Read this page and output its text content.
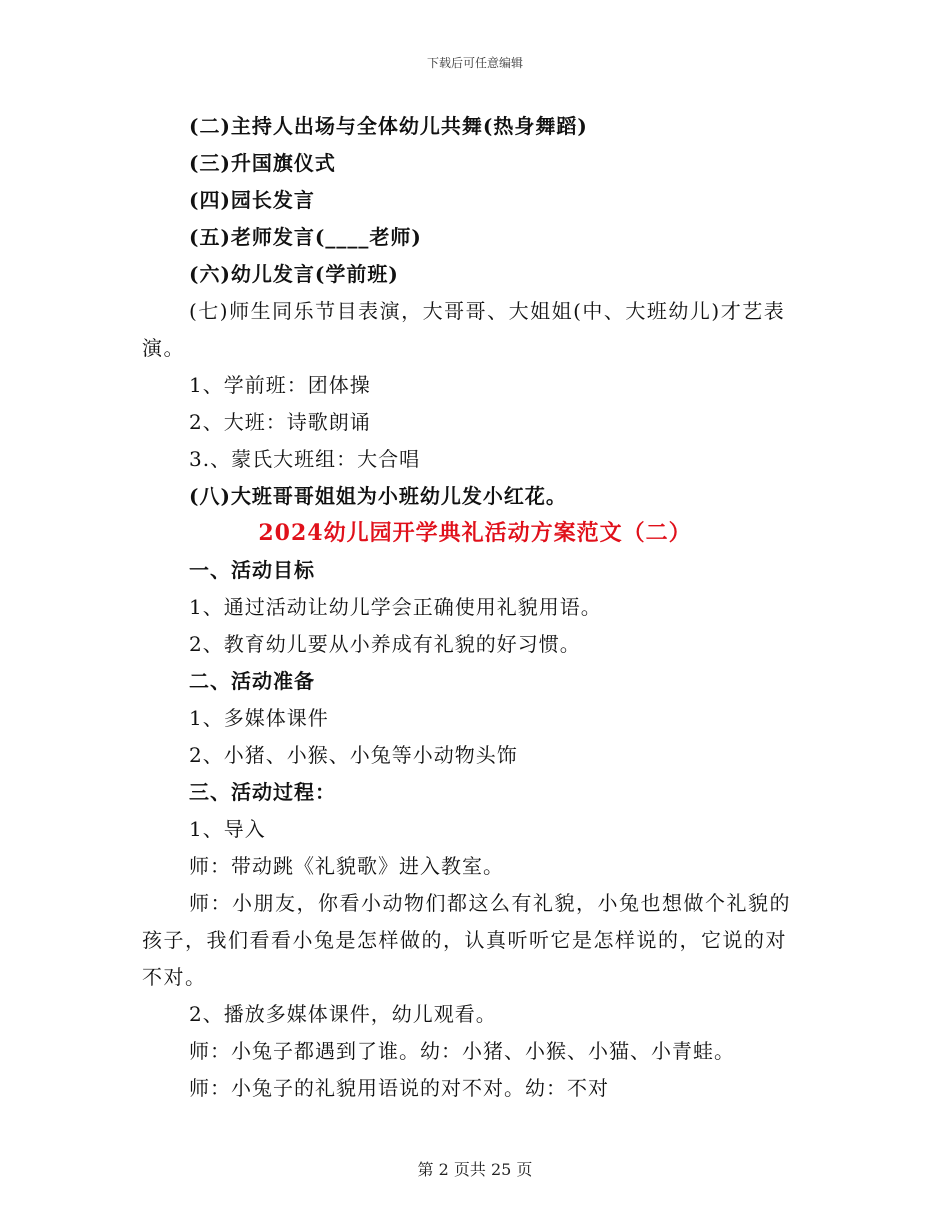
下载后可任意编辑
(二)主持人出场与全体幼儿共舞(热身舞蹈)
(三)升国旗仪式
(四)园长发言
(五)老师发言(____老师)
(六)幼儿发言(学前班)
(七)师生同乐节目表演，大哥哥、大姐姐(中、大班幼儿)才艺表演。
1、学前班：团体操
2、大班：诗歌朗诵
3.、蒙氏大班组：大合唱
(八)大班哥哥姐姐为小班幼儿发小红花。
2024幼儿园开学典礼活动方案范文（二）
一、活动目标
1、通过活动让幼儿学会正确使用礼貌用语。
2、教育幼儿要从小养成有礼貌的好习惯。
二、活动准备
1、多媒体课件
2、小猪、小猴、小兔等小动物头饰
三、活动过程：
1、导入
师：带动跳《礼貌歌》进入教室。
师：小朋友，你看小动物们都这么有礼貌，小兔也想做个礼貌的孩子，我们看看小兔是怎样做的，认真听听它是怎样说的，它说的对不对。
2、播放多媒体课件，幼儿观看。
师：小兔子都遇到了谁。幼：小猪、小猴、小猫、小青蛙。
师：小兔子的礼貌用语说的对不对。幼：不对
第 2 页共 25 页
